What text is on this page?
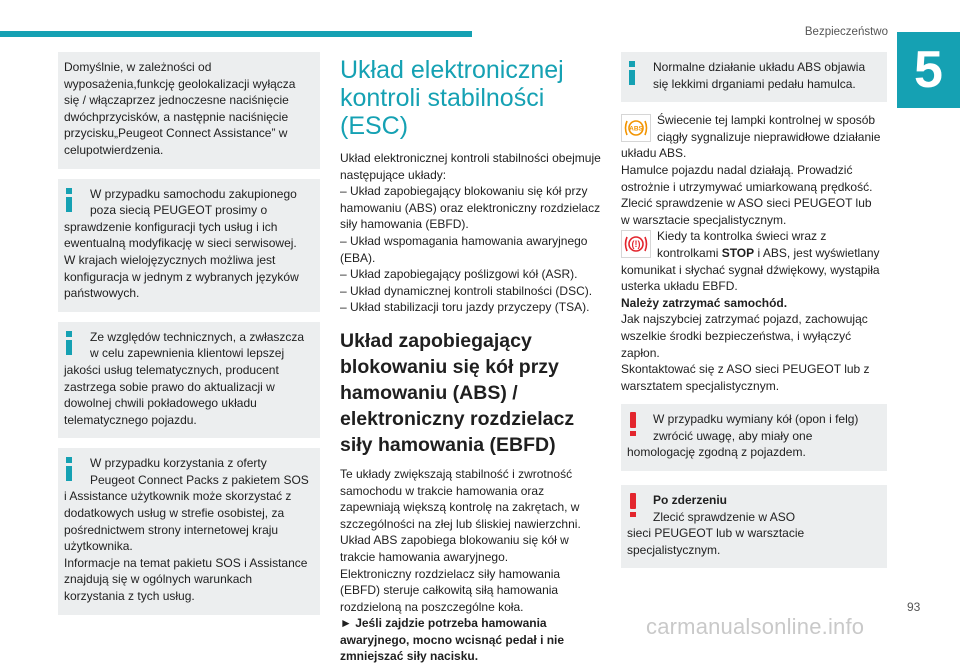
Bezpieczeństwo
5

Domyślnie, w zależności od wyposażenia,funkcję geolokalizacji wyłącza się / włączaprzez jednoczesne naciśnięcie dwóchprzycisków, a następnie naciśnięcie przycisku„Peugeot Connect Assistance” w celupotwierdzenia.

W przypadku samochodu zakupionego
poza siecią PEUGEOT prosimy o
sprawdzenie konfiguracji tych usług i ich
ewentualną modyfikację w sieci serwisowej.
W krajach wielojęzycznych możliwa jest
konfiguracja w jednym z wybranych języków
państwowych.
Ze względów technicznych, a zwłaszcza
w celu zapewnienia klientowi lepszej
jakości usług telematycznych, producent
zastrzega sobie prawo do aktualizacji w
dowolnej chwili pokładowego układu
telematycznego pojazdu.
W przypadku korzystania z oferty
Peugeot Connect Packs z pakietem SOS
i Assistance użytkownik może skorzystać z
dodatkowych usług w strefie osobistej, za
pośrednictwem strony internetowej kraju
użytkownika.
Informacje na temat pakietu SOS i Assistance
znajdują się w ogólnych warunkach
korzystania z tych usług.
Układ elektronicznej
kontroli stabilności (ESC)
Układ elektronicznej kontroli stabilności obejmuje
następujące układy:
– Układ zapobiegający blokowaniu się kół przy
hamowaniu (ABS) oraz elektroniczny rozdzielacz
siły hamowania (EBFD).
– Układ wspomagania hamowania awaryjnego
(EBA).
– Układ zapobiegający poślizgowi kół (ASR).
– Układ dynamicznej kontroli stabilności (DSC).
– Układ stabilizacji toru jazdy przyczepy (TSA).
Układ zapobiegający
blokowaniu się kół przy
hamowaniu (ABS) /
elektroniczny rozdzielacz
siły hamowania (EBFD)
Te układy zwiększają stabilność i zwrotność
samochodu w trakcie hamowania oraz
zapewniają większą kontrolę na zakrętach, w
szczególności na złej lub śliskiej nawierzchni.
Układ ABS zapobiega blokowaniu się kół w
trakcie hamowania awaryjnego.
Elektroniczny rozdzielacz siły hamowania
(EBFD) steruje całkowitą siłą hamowania
rozdzieloną na poszczególne koła.
► Jeśli zajdzie potrzeba hamowania
awaryjnego, mocno wcisnąć pedał i nie
zmniejszać siły nacisku.
Normalne działanie układu ABS objawia
się lekkimi drganiami pedału hamulca.
ABS
Świecenie tej lampki kontrolnej w sposób
ciągły sygnalizuje nieprawidłowe działanie
układu ABS.
Hamulce pojazdu nadal działają. Prowadzić
ostrożnie i utrzymywać umiarkowaną prędkość.
Zlecić sprawdzenie w ASO sieci PEUGEOT lub
w warsztacie specjalistycznym.
(!)
Kiedy ta kontrolka świeci wraz z
kontrolkami STOP i ABS, jest wyświetlany
komunikat i słychać sygnał dźwiękowy, wystąpiła
usterka układu EBFD.
Należy zatrzymać samochód.
Jak najszybciej zatrzymać pojazd, zachowując
wszelkie środki bezpieczeństwa, i wyłączyć
zapłon.
Skontaktować się z ASO sieci PEUGEOT lub z
warsztatem specjalistycznym.
W przypadku wymiany kół (opon i felg)
zwrócić uwagę, aby miały one
homologację zgodną z pojazdem.
Po zderzeniu
Zlecić sprawdzenie w ASO
sieci PEUGEOT lub w warsztacie
specjalistycznym.
93
carmanualsonline.info
